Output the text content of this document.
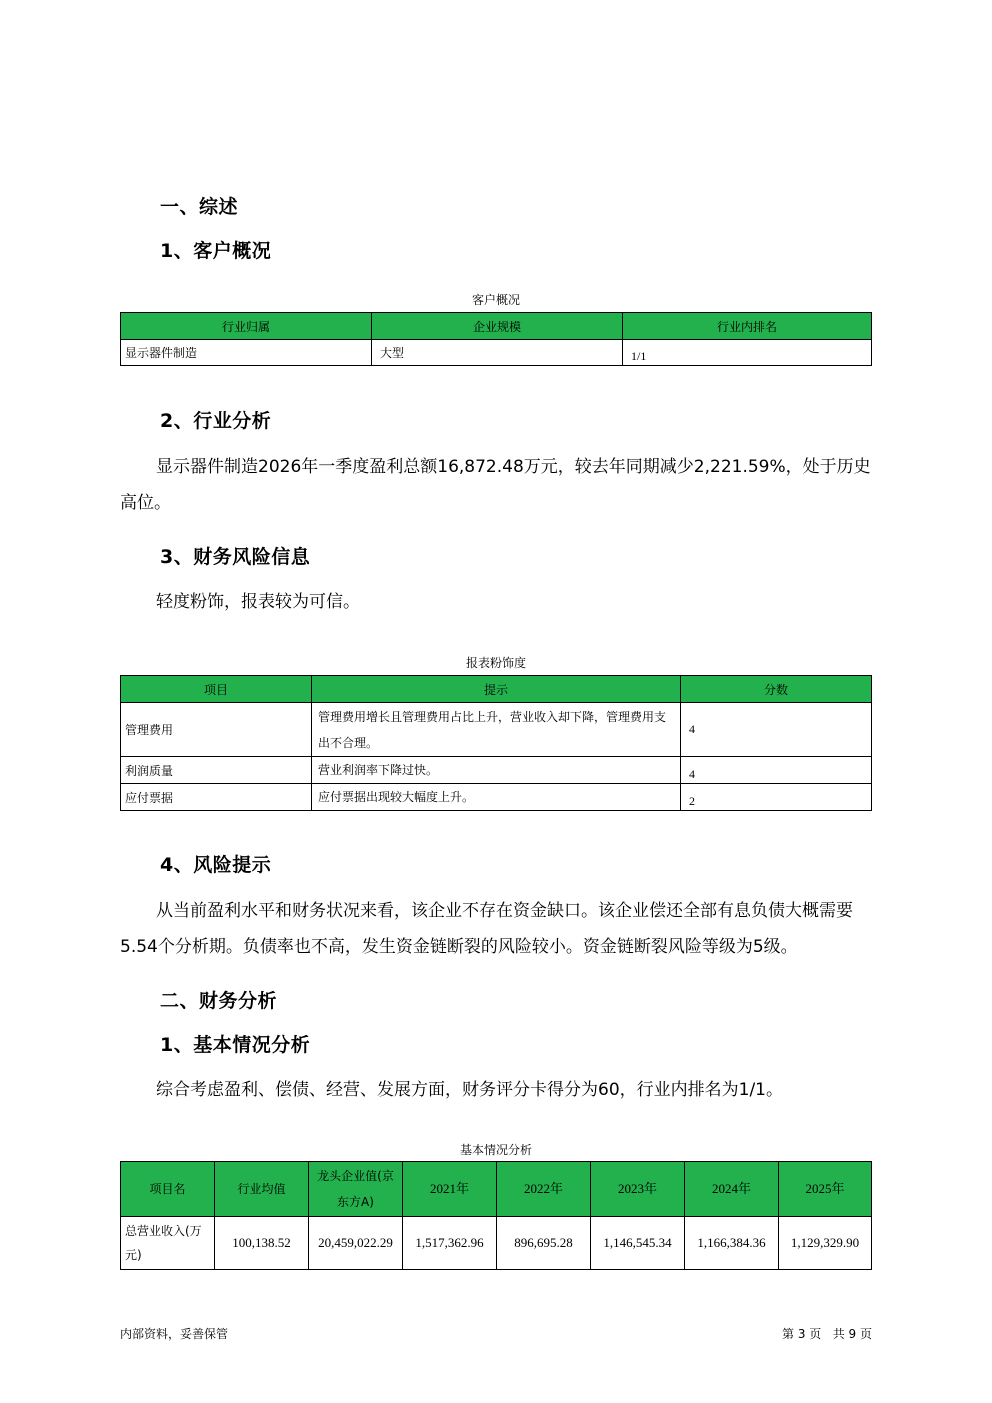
一、综述
1、客户概况
客户概况
行业归属	企业规模	行业内排名
显示器件制造	大型	1/1
2、行业分析

显示器件制造2026年一季度盈利总额16,872.48万元，较去年同期减少2,221.59%，处于历史高位。

3、财务风险信息

轻度粉饰，报表较为可信。

报表粉饰度
项目	提示	分数
管理费用	管理费用增长且管理费用占比上升，营业收入却下降，管理费用支出不合理。	4
利润质量	营业利润率下降过快。	4
应付票据	应付票据出现较大幅度上升。	2
4、风险提示

从当前盈利水平和财务状况来看，该企业不存在资金缺口。该企业偿还全部有息负债大概需要 5.54个分析期。负债率也不高，发生资金链断裂的风险较小。资金链断裂风险等级为5级。

二、财务分析
1、基本情况分析

综合考虑盈利、偿债、经营、发展方面，财务评分卡得分为60，行业内排名为1/1。

基本情况分析
项目名	行业均值	龙头企业值(京东方A)	2021年	2022年	2023年	2024年	2025年
总营业收入(万元)	100,138.52	20,459,022.29	1,517,362.96	896,695.28	1,146,545.34	1,166,384.36	1,129,329.90
内部资料，妥善保管	第 3 页   共 9 页
